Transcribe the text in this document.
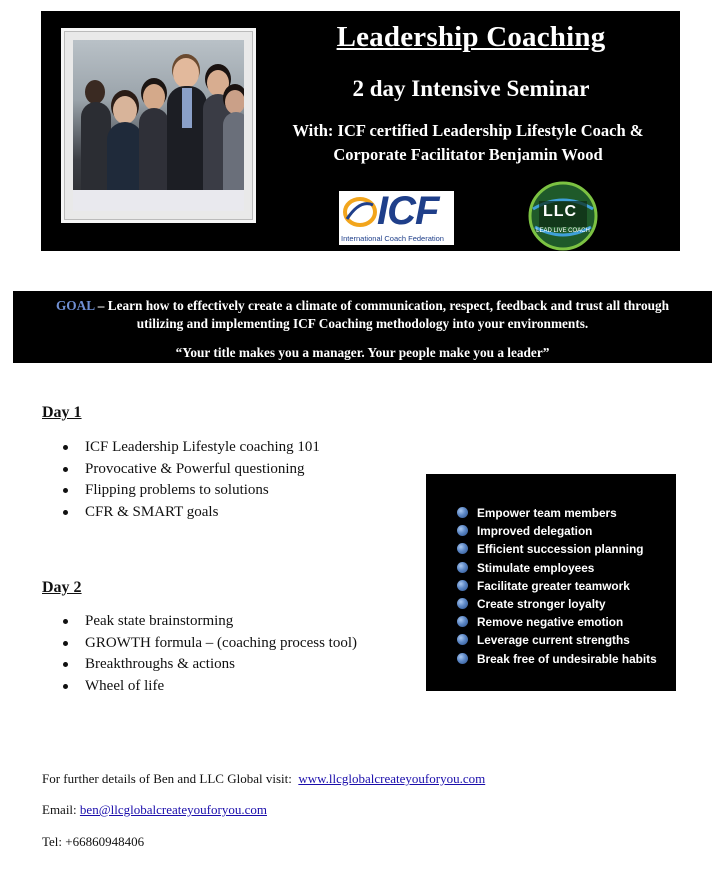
Leadership Coaching
2 day Intensive Seminar
With: ICF certified Leadership Lifestyle Coach &
Corporate Facilitator Benjamin Wood
ICF
International Coach Federation
LLC
LEAD LIVE COACH
GOAL – Learn how to effectively create a climate of communication, respect, feedback and trust all through utilizing and implementing ICF Coaching methodology into your environments.
“Your title makes you a manager. Your people make you a leader”
Day 1
ICF Leadership Lifestyle coaching 101
Provocative & Powerful questioning
Flipping problems to solutions
CFR & SMART goals
Day 2
Peak state brainstorming
GROWTH formula – (coaching process tool)
Breakthroughs & actions
Wheel of life
Empower team members
Improved delegation
Efficient succession planning
Stimulate employees
Facilitate greater teamwork
Create stronger loyalty
Remove negative emotion
Leverage current strengths
Break free of undesirable habits
For further details of Ben and LLC Global visit: www.llcglobalcreateyouforyou.com
Email: ben@llcglobalcreateyouforyou.com
Tel: +66860948406
